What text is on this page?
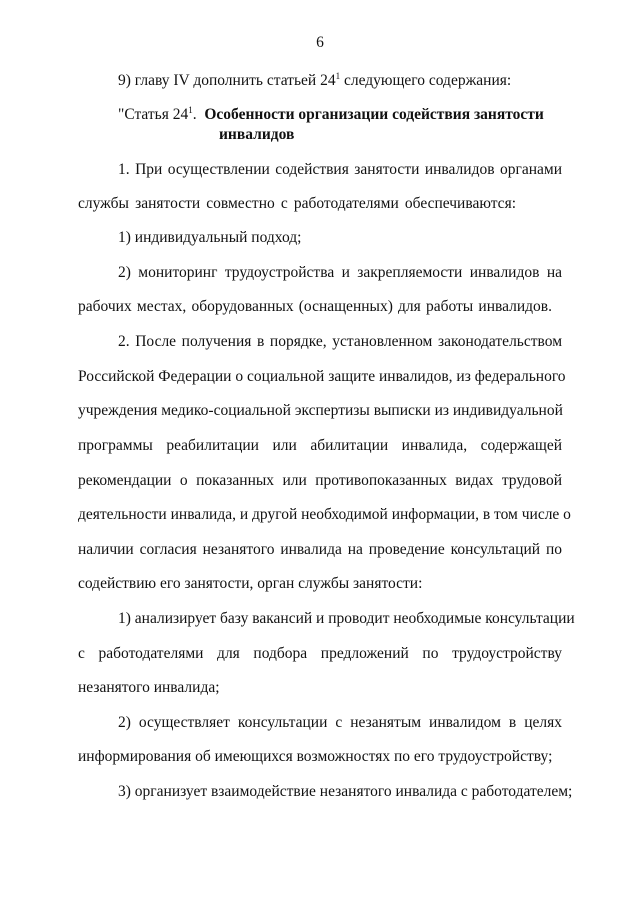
6
9) главу IV дополнить статьей $24^1$ следующего содержания:
"Статья $24^1$. Особенности организации содействия занятости
инвалидов
1. При осуществлении содействия занятости инвалидов органами
службы занятости совместно с работодателями обеспечиваются:
1) индивидуальный подход;
2) мониторинг трудоустройства и закрепляемости инвалидов на
рабочих местах, оборудованных (оснащенных) для работы инвалидов.
2. После получения в порядке, установленном законодательством
Российской Федерации о социальной защите инвалидов, из федерального
учреждения медико-социальной экспертизы выписки из индивидуальной
программы реабилитации или абилитации инвалида, содержащей
рекомендации о показанных или противопоказанных видах трудовой
деятельности инвалида, и другой необходимой информации, в том числе о
наличии согласия незанятого инвалида на проведение консультаций по
содействию его занятости, орган службы занятости:
1) анализирует базу вакансий и проводит необходимые консультации
с работодателями для подбора предложений по трудоустройству
незанятого инвалида;
2) осуществляет консультации с незанятым инвалидом в целях
информирования об имеющихся возможностях по его трудоустройству;
3) организует взаимодействие незанятого инвалида с работодателем;
